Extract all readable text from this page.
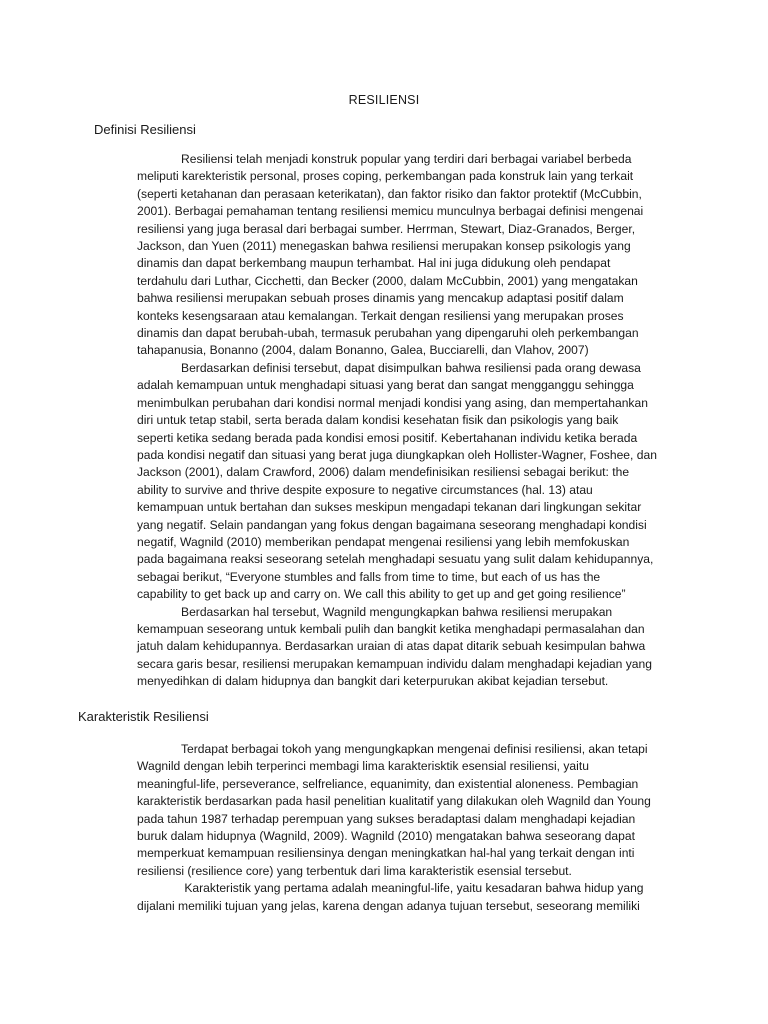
RESILIENSI
Definisi Resiliensi

Resiliensi telah menjadi konstruk popular yang terdiri dari berbagai variabel berbeda
meliputi karekteristik personal, proses coping, perkembangan pada konstruk lain yang terkait
(seperti ketahanan dan perasaan keterikatan), dan faktor risiko dan faktor protektif (McCubbin,
2001). Berbagai pemahaman tentang resiliensi memicu munculnya berbagai definisi mengenai
resiliensi yang juga berasal dari berbagai sumber. Herrman, Stewart, Diaz-Granados, Berger,
Jackson, dan Yuen (2011) menegaskan bahwa resiliensi merupakan konsep psikologis yang
dinamis dan dapat berkembang maupun terhambat. Hal ini juga didukung oleh pendapat
terdahulu dari Luthar, Cicchetti, dan Becker (2000, dalam McCubbin, 2001) yang mengatakan
bahwa resiliensi merupakan sebuah proses dinamis yang mencakup adaptasi positif dalam
konteks kesengsaraan atau kemalangan. Terkait dengan resiliensi yang merupakan proses
dinamis dan dapat berubah-ubah, termasuk perubahan yang dipengaruhi oleh perkembangan
tahapanusia, Bonanno (2004, dalam Bonanno, Galea, Bucciarelli, dan Vlahov, 2007)

Berdasarkan definisi tersebut, dapat disimpulkan bahwa resiliensi pada orang dewasa
adalah kemampuan untuk menghadapi situasi yang berat dan sangat mengganggu sehingga
menimbulkan perubahan dari kondisi normal menjadi kondisi yang asing, dan mempertahankan
diri untuk tetap stabil, serta berada dalam kondisi kesehatan fisik dan psikologis yang baik
seperti ketika sedang berada pada kondisi emosi positif. Kebertahanan individu ketika berada
pada kondisi negatif dan situasi yang berat juga diungkapkan oleh Hollister-Wagner, Foshee, dan
Jackson (2001), dalam Crawford, 2006) dalam mendefinisikan resiliensi sebagai berikut: the
ability to survive and thrive despite exposure to negative circumstances (hal. 13) atau
kemampuan untuk bertahan dan sukses meskipun mengadapi tekanan dari lingkungan sekitar
yang negatif. Selain pandangan yang fokus dengan bagaimana seseorang menghadapi kondisi
negatif, Wagnild (2010) memberikan pendapat mengenai resiliensi yang lebih memfokuskan
pada bagaimana reaksi seseorang setelah menghadapi sesuatu yang sulit dalam kehidupannya,
sebagai berikut, “Everyone stumbles and falls from time to time, but each of us has the
capability to get back up and carry on. We call this ability to get up and get going resilience”

Berdasarkan hal tersebut, Wagnild mengungkapkan bahwa resiliensi merupakan
kemampuan seseorang untuk kembali pulih dan bangkit ketika menghadapi permasalahan dan
jatuh dalam kehidupannya. Berdasarkan uraian di atas dapat ditarik sebuah kesimpulan bahwa
secara garis besar, resiliensi merupakan kemampuan individu dalam menghadapi kejadian yang
menyedihkan di dalam hidupnya dan bangkit dari keterpurukan akibat kejadian tersebut.

Karakteristik Resiliensi

Terdapat berbagai tokoh yang mengungkapkan mengenai definisi resiliensi, akan tetapi
Wagnild dengan lebih terperinci membagi lima karakterisktik esensial resiliensi, yaitu
meaningful-life, perseverance, selfreliance, equanimity, dan existential aloneness. Pembagian
karakteristik berdasarkan pada hasil penelitian kualitatif yang dilakukan oleh Wagnild dan Young
pada tahun 1987 terhadap perempuan yang sukses beradaptasi dalam menghadapi kejadian
buruk dalam hidupnya (Wagnild, 2009). Wagnild (2010) mengatakan bahwa seseorang dapat
memperkuat kemampuan resiliensinya dengan meningkatkan hal-hal yang terkait dengan inti
resiliensi (resilience core) yang terbentuk dari lima karakteristik esensial tersebut.

Karakteristik yang pertama adalah meaningful-life, yaitu kesadaran bahwa hidup yang
dijalani memiliki tujuan yang jelas, karena dengan adanya tujuan tersebut, seseorang memiliki
